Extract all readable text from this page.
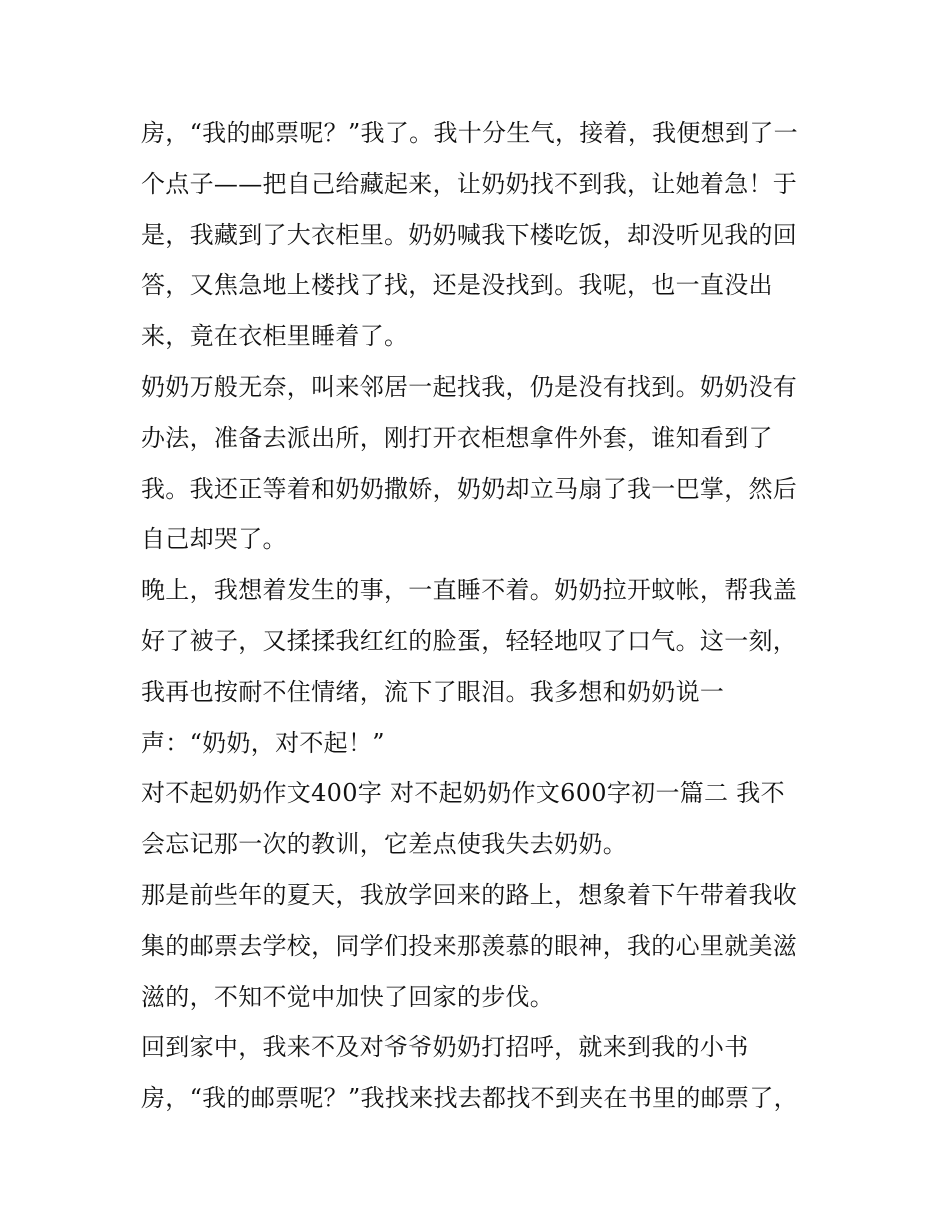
房，“我的邮票呢？”我了。我十分生气，接着，我便想到了一
个点子——把自己给藏起来，让奶奶找不到我，让她着急！于
是，我藏到了大衣柜里。奶奶喊我下楼吃饭，却没听见我的回
答，又焦急地上楼找了找，还是没找到。我呢，也一直没出
来，竟在衣柜里睡着了。
奶奶万般无奈，叫来邻居一起找我，仍是没有找到。奶奶没有
办法，准备去派出所，刚打开衣柜想拿件外套，谁知看到了
我。我还正等着和奶奶撒娇，奶奶却立马扇了我一巴掌，然后
自己却哭了。
晚上，我想着发生的事，一直睡不着。奶奶拉开蚊帐，帮我盖
好了被子，又揉揉我红红的脸蛋，轻轻地叹了口气。这一刻，
我再也按耐不住情绪，流下了眼泪。我多想和奶奶说一
声：“奶奶，对不起！”
对不起奶奶作文400字 对不起奶奶作文600字初一篇二 我不
会忘记那一次的教训，它差点使我失去奶奶。
那是前些年的夏天，我放学回来的路上，想象着下午带着我收
集的邮票去学校，同学们投来那羡慕的眼神，我的心里就美滋
滋的，不知不觉中加快了回家的步伐。
回到家中，我来不及对爷爷奶奶打招呼，就来到我的小书
房，“我的邮票呢？”我找来找去都找不到夹在书里的邮票了，
